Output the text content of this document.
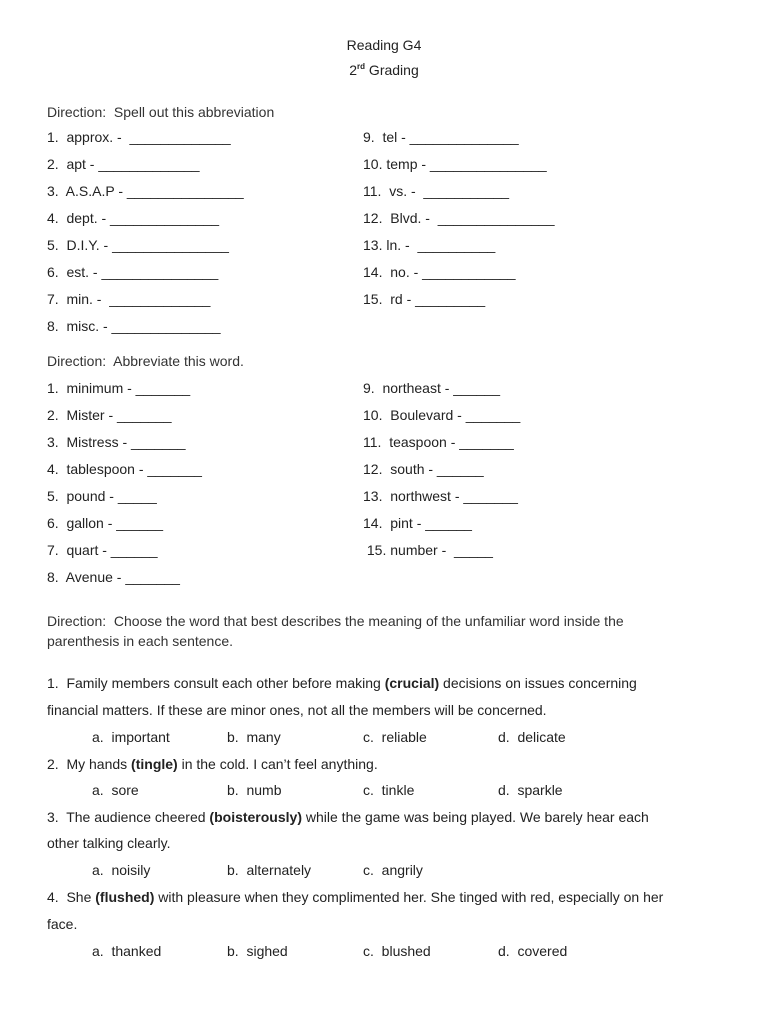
Reading G4
2rd Grading
Direction:  Spell out this abbreviation
1.  approx. -  _____________
2.  apt - _____________
3.  A.S.A.P - _______________
4.  dept. - ______________
5.  D.I.Y. - _______________
6.  est. - _______________
7.  min. -  _____________
8.  misc. - ______________
9.  tel - ______________
10. temp - _______________
11.  vs. -  ___________
12.  Blvd. -  _______________
13. ln. -  __________
14.  no. - ____________
15.  rd - _________
Direction:  Abbreviate this word.
1.  minimum - _______
2.  Mister - _______
3.  Mistress - _______
4.  tablespoon - _______
5.  pound - _____
6.  gallon - ______
7.  quart - ______
8.  Avenue - _______
9.  northeast - ______
10.  Boulevard - _______
11.  teaspoon - _______
12.  south - ______
13.  northwest - _______
14.  pint - ______
15. number -  _____
Direction:  Choose the word that best describes the meaning of the unfamiliar word inside the
parenthesis in each sentence.
1.  Family members consult each other before making (crucial) decisions on issues concerning
financial matters. If these are minor ones, not all the members will be concerned.
a.  important	b.  many	c.  reliable	d.  delicate
2.  My hands (tingle) in the cold. I can’t feel anything.
a.  sore	b.  numb	c.  tinkle	d.  sparkle
3.  The audience cheered (boisterously) while the game was being played. We barely hear each
other talking clearly.
a.  noisily	b.  alternately	c.  angrily
4.  She (flushed) with pleasure when they complimented her. She tinged with red, especially on her
face.
a.  thanked	b.  sighed	c.  blushed	d.  covered
